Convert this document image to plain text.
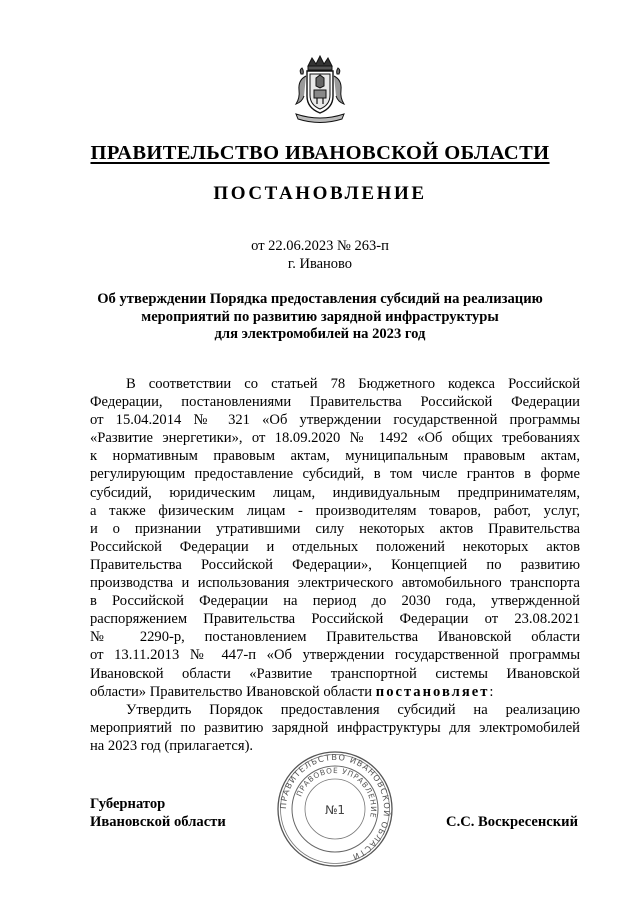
ПРАВИТЕЛЬСТВО ИВАНОВСКОЙ ОБЛАСТИ
ПОСТАНОВЛЕНИЕ
от 22.06.2023 № 263-п
г. Иваново
Об утверждении Порядка предоставления субсидий на реализацию
мероприятий по развитию зарядной инфраструктуры
для электромобилей на 2023 год
В соответствии со статьей 78 Бюджетного кодекса Российской
Федерации, постановлениями Правительства Российской Федерации
от 15.04.2014 № 321 «Об утверждении государственной программы
«Развитие энергетики», от 18.09.2020 № 1492 «Об общих требованиях
к нормативным правовым актам, муниципальным правовым актам,
регулирующим предоставление субсидий, в том числе грантов в форме
субсидий, юридическим лицам, индивидуальным предпринимателям,
а также физическим лицам - производителям товаров, работ, услуг,
и о признании утратившими силу некоторых актов Правительства
Российской Федерации и отдельных положений некоторых актов
Правительства Российской Федерации», Концепцией по развитию
производства и использования электрического автомобильного транспорта
в Российской Федерации на период до 2030 года, утвержденной
распоряжением Правительства Российской Федерации от 23.08.2021
№ 2290-р, постановлением Правительства Ивановской области
от 13.11.2013 № 447-п «Об утверждении государственной программы
Ивановской области «Развитие транспортной системы Ивановской
области» Правительство Ивановской области постановляет:
Утвердить Порядок предоставления субсидий на реализацию
мероприятий по развитию зарядной инфраструктуры для электромобилей
на 2023 год (прилагается).
Губернатор
Ивановской области
ПРАВИТЕЛЬСТВО ИВАНОВСКОЙ ОБЛАСТИ
ПРАВОВОЕ УПРАВЛЕНИЕ
№1
С.С. Воскресенский
